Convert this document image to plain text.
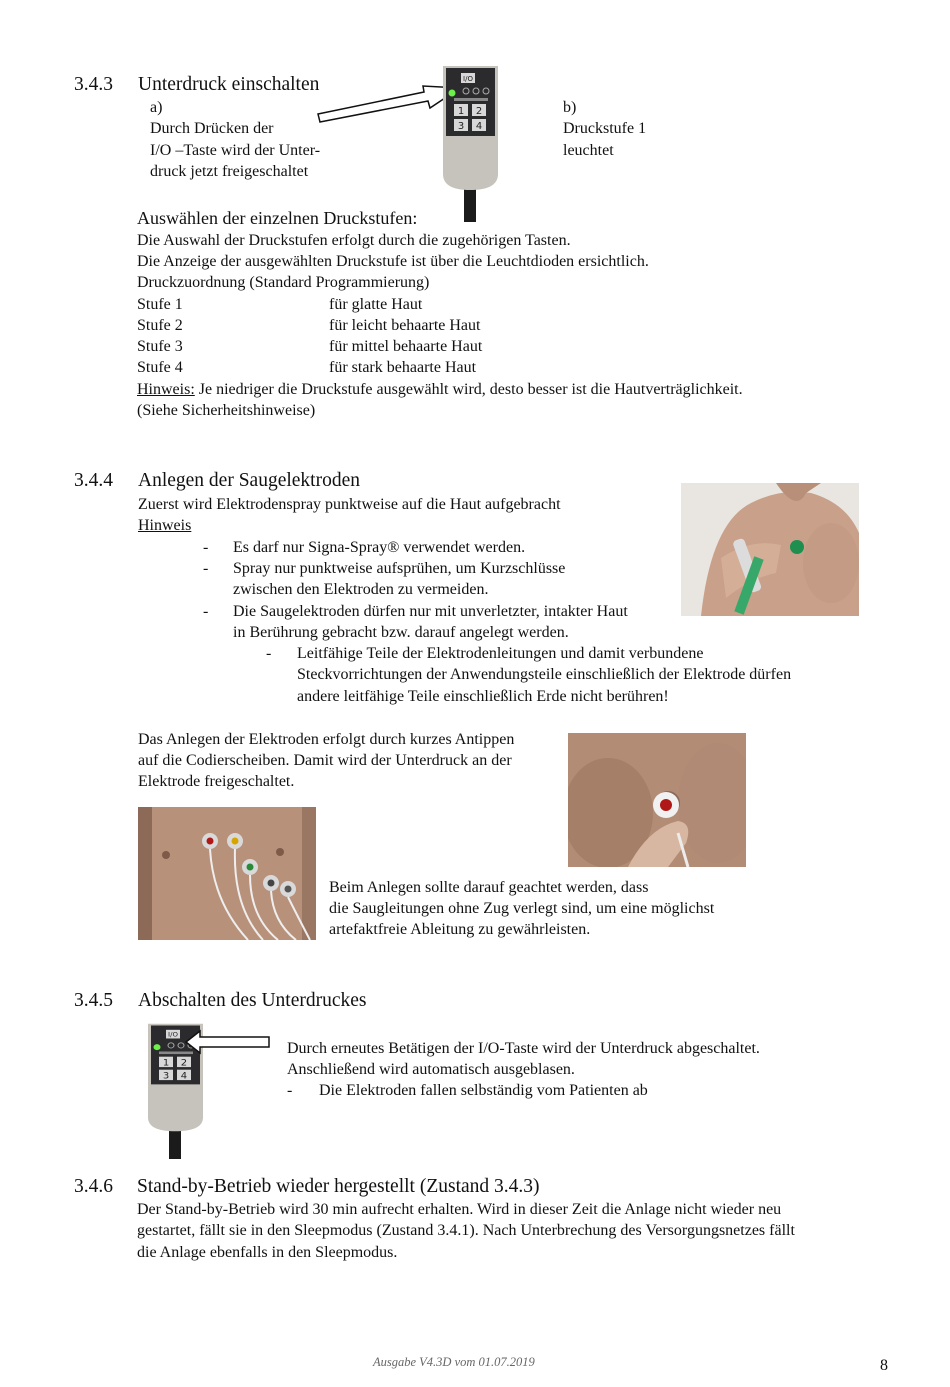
3.4.3 Unterdruck einschalten
a)
Durch Drücken der
I/O –Taste wird der Unter-
druck jetzt freigeschaltet
b)
Druckstufe 1
leuchtet
I/O
1 2
3 4
Auswählen der einzelnen Druckstufen:
Die Auswahl der Druckstufen erfolgt durch die zugehörigen Tasten.
Die Anzeige der ausgewählten Druckstufe ist über die Leuchtdioden ersichtlich.
Druckzuordnung (Standard Programmierung)
Stufe 1	für glatte Haut
Stufe 2	für leicht behaarte Haut
Stufe 3	für mittel behaarte Haut
Stufe 4	für stark behaarte Haut
Hinweis: Je niedriger die Druckstufe ausgewählt wird, desto besser ist die Hautverträglichkeit.
(Siehe Sicherheitshinweise)
3.4.4 Anlegen der Saugelektroden
Zuerst wird Elektrodenspray punktweise auf die Haut aufgebracht
Hinweis
- Es darf nur Signa-Spray® verwendet werden.
- Spray nur punktweise aufsprühen, um Kurzschlüsse
zwischen den Elektroden zu vermeiden.
- Die Saugelektroden dürfen nur mit unverletzter, intakter Haut
in Berührung gebracht bzw. darauf angelegt werden.
- Leitfähige Teile der Elektrodenleitungen und damit verbundene
Steckvorrichtungen der Anwendungsteile einschließlich der Elektrode dürfen
andere leitfähige Teile einschließlich Erde nicht berühren!
Das Anlegen der Elektroden erfolgt durch kurzes Antippen
auf die Codierscheiben. Damit wird der Unterdruck an der
Elektrode freigeschaltet.
Beim Anlegen sollte darauf geachtet werden, dass
die Saugleitungen ohne Zug verlegt sind, um eine möglichst
artefaktfreie Ableitung zu gewährleisten.
3.4.5 Abschalten des Unterdruckes
I/O
1 2
3 4
Durch erneutes Betätigen der I/O-Taste wird der Unterdruck abgeschaltet.
Anschließend wird automatisch ausgeblasen.
- Die Elektroden fallen selbständig vom Patienten ab
3.4.6 Stand-by-Betrieb wieder hergestellt (Zustand 3.4.3)
Der Stand-by-Betrieb wird 30 min aufrecht erhalten. Wird in dieser Zeit die Anlage nicht wieder neu
gestartet, fällt sie in den Sleepmodus (Zustand 3.4.1). Nach Unterbrechung des Versorgungsnetzes fällt
die Anlage ebenfalls in den Sleepmodus.
Ausgabe V4.3D vom 01.07.2019	8
